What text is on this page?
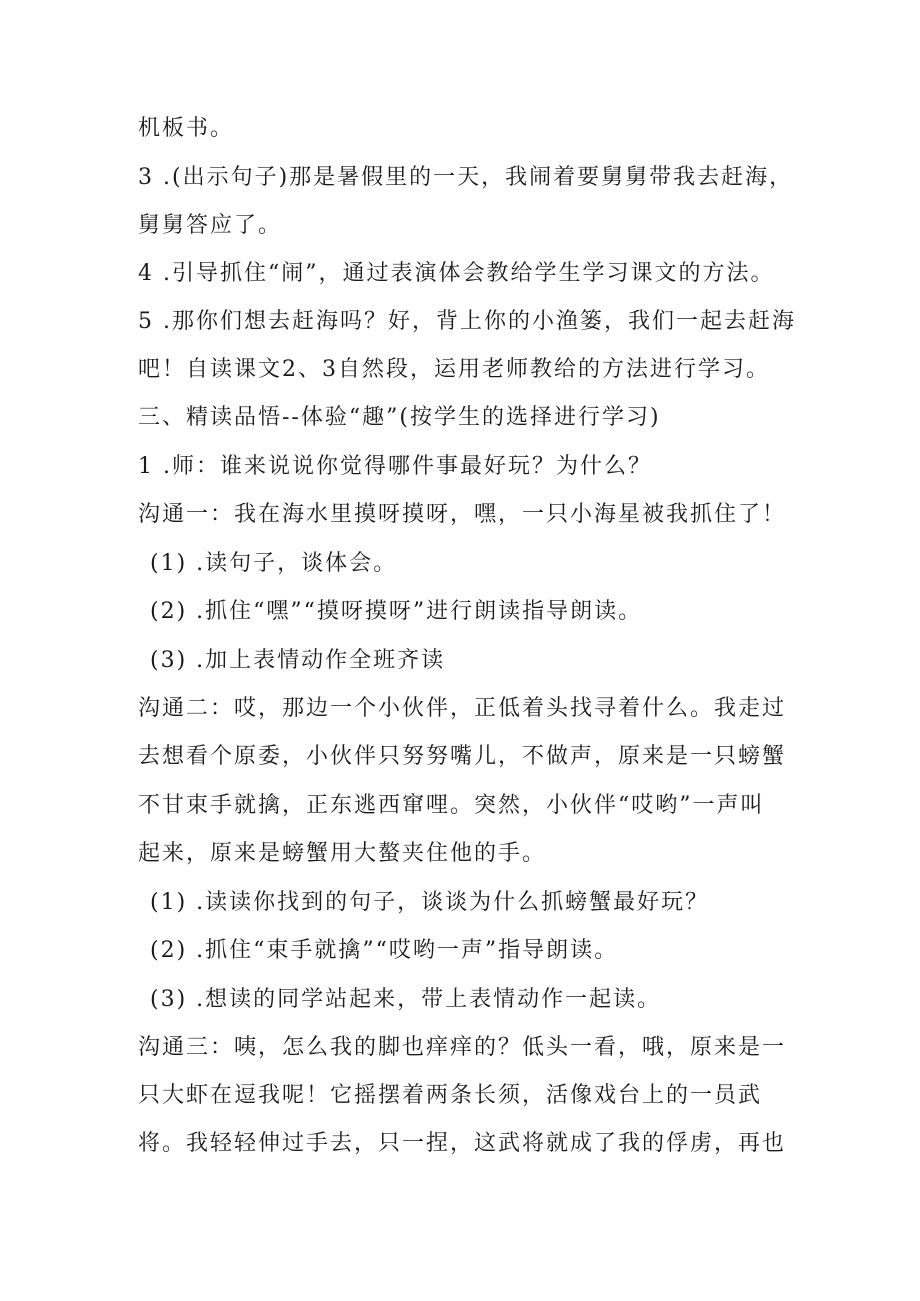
机板书。
3 .(出示句子)那是暑假里的一天，我闹着要舅舅带我去赶海，
舅舅答应了。
4 .引导抓住“闹”，通过表演体会教给学生学习课文的方法。
5 .那你们想去赶海吗？好，背上你的小渔篓，我们一起去赶海
吧！自读课文2、3自然段，运用老师教给的方法进行学习。
三、精读品悟--体验“趣”(按学生的选择进行学习)
1 .师：谁来说说你觉得哪件事最好玩？为什么？
沟通一：我在海水里摸呀摸呀，嘿，一只小海星被我抓住了！
(1) .读句子，谈体会。
(2) .抓住“嘿”“摸呀摸呀”进行朗读指导朗读。
(3) .加上表情动作全班齐读
沟通二：哎，那边一个小伙伴，正低着头找寻着什么。我走过
去想看个原委，小伙伴只努努嘴儿，不做声，原来是一只螃蟹
不甘束手就擒，正东逃西窜哩。突然，小伙伴“哎哟”一声叫
起来，原来是螃蟹用大螯夹住他的手。
(1) .读读你找到的句子，谈谈为什么抓螃蟹最好玩？
(2) .抓住“束手就擒”“哎哟一声”指导朗读。
(3) .想读的同学站起来，带上表情动作一起读。
沟通三：咦，怎么我的脚也痒痒的？低头一看，哦，原来是一
只大虾在逗我呢！它摇摆着两条长须，活像戏台上的一员武
将。我轻轻伸过手去，只一捏，这武将就成了我的俘虏，再也
